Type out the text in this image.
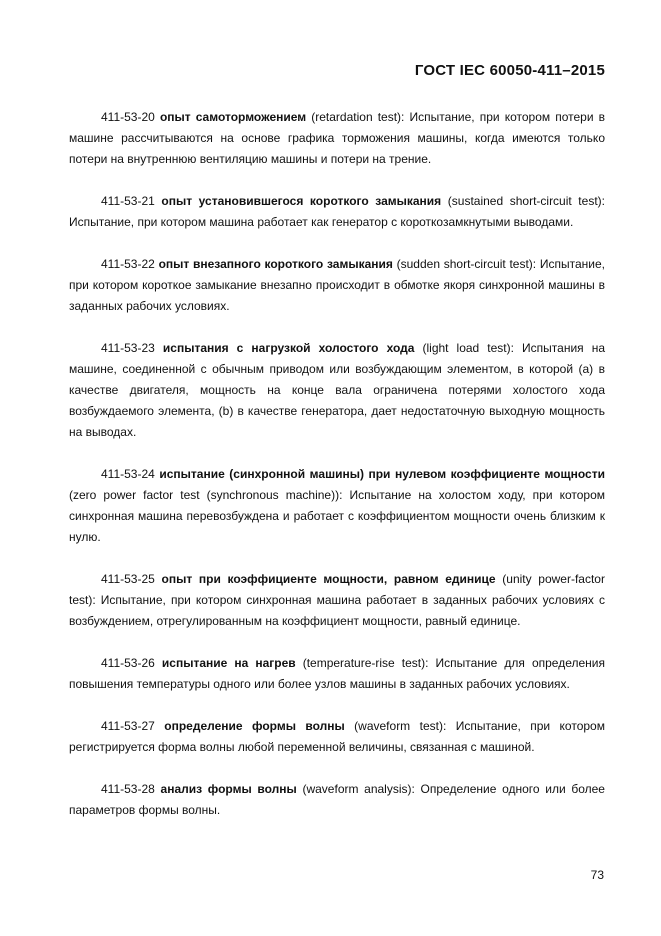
ГОСТ IEC 60050-411–2015

411-53-20 опыт самоторможением (retardation test): Испытание, при котором потери в машине рассчитываются на основе графика торможения машины, когда имеются только потери на внутреннюю вентиляцию машины и потери на трение.

411-53-21 опыт установившегося короткого замыкания (sustained short-circuit test): Испытание, при котором машина работает как генератор с короткозамкнутыми выводами.

411-53-22 опыт внезапного короткого замыкания (sudden short-circuit test): Испытание, при котором короткое замыкание внезапно происходит в обмотке якоря синхронной машины в заданных рабочих условиях.

411-53-23 испытания с нагрузкой холостого хода (light load test): Испытания на машине, соединенной с обычным приводом или возбуждающим элементом, в которой (a) в качестве двигателя, мощность на конце вала ограничена потерями холостого хода возбуждаемого элемента, (b) в качестве генератора, дает недостаточную выходную мощность на выводах.

411-53-24 испытание (синхронной машины) при нулевом коэффициенте мощности (zero power factor test (synchronous machine)): Испытание на холостом ходу, при котором синхронная машина перевозбуждена и работает с коэффициентом мощности очень близким к нулю.

411-53-25 опыт при коэффициенте мощности, равном единице (unity power-factor test): Испытание, при котором синхронная машина работает в заданных рабочих условиях с возбуждением, отрегулированным на коэффициент мощности, равный единице.

411-53-26 испытание на нагрев (temperature-rise test): Испытание для определения повышения температуры одного или более узлов машины в заданных рабочих условиях.

411-53-27 определение формы волны (waveform test): Испытание, при котором регистрируется форма волны любой переменной величины, связанная с машиной.

411-53-28 анализ формы волны (waveform analysis): Определение одного или более параметров формы волны.

73
